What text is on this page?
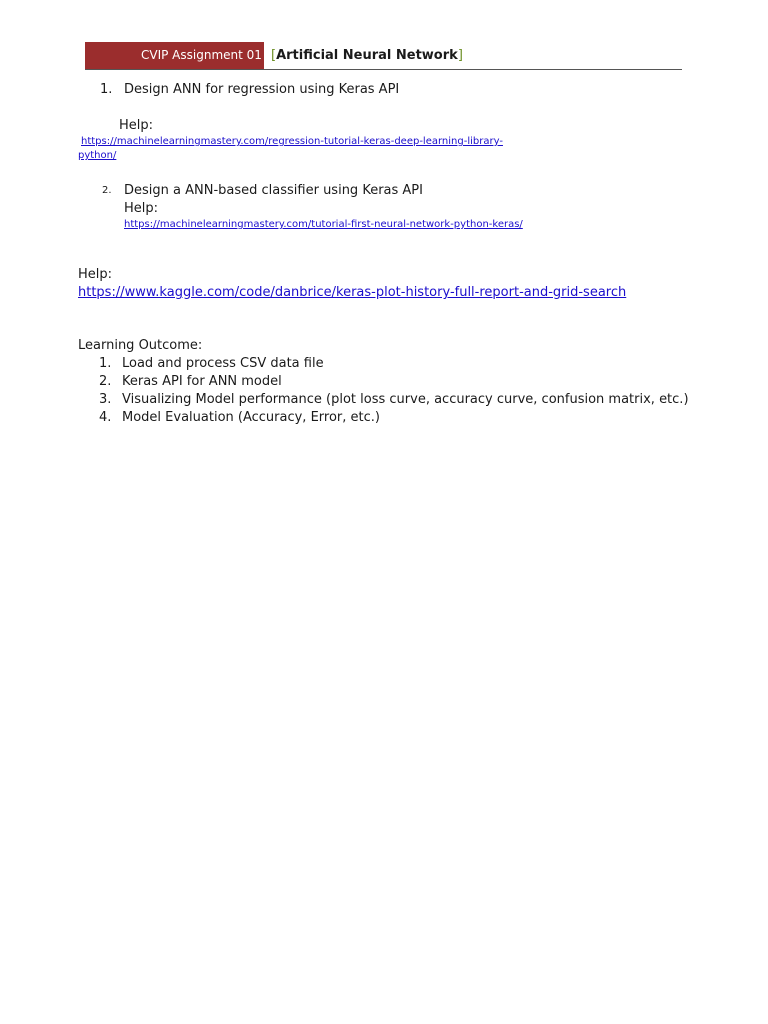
CVIP Assignment 01 [Artificial Neural Network]
1. Design ANN for regression using Keras API
Help:
https://machinelearningmastery.com/regression-tutorial-keras-deep-learning-library-
python/
2. Design a ANN-based classifier using Keras API
Help:
https://machinelearningmastery.com/tutorial-first-neural-network-python-keras/
Help:
https://www.kaggle.com/code/danbrice/keras-plot-history-full-report-and-grid-search
Learning Outcome:
1. Load and process CSV data file
2. Keras API for ANN model
3. Visualizing Model performance (plot loss curve, accuracy curve, confusion matrix, etc.)
4. Model Evaluation (Accuracy, Error, etc.)
